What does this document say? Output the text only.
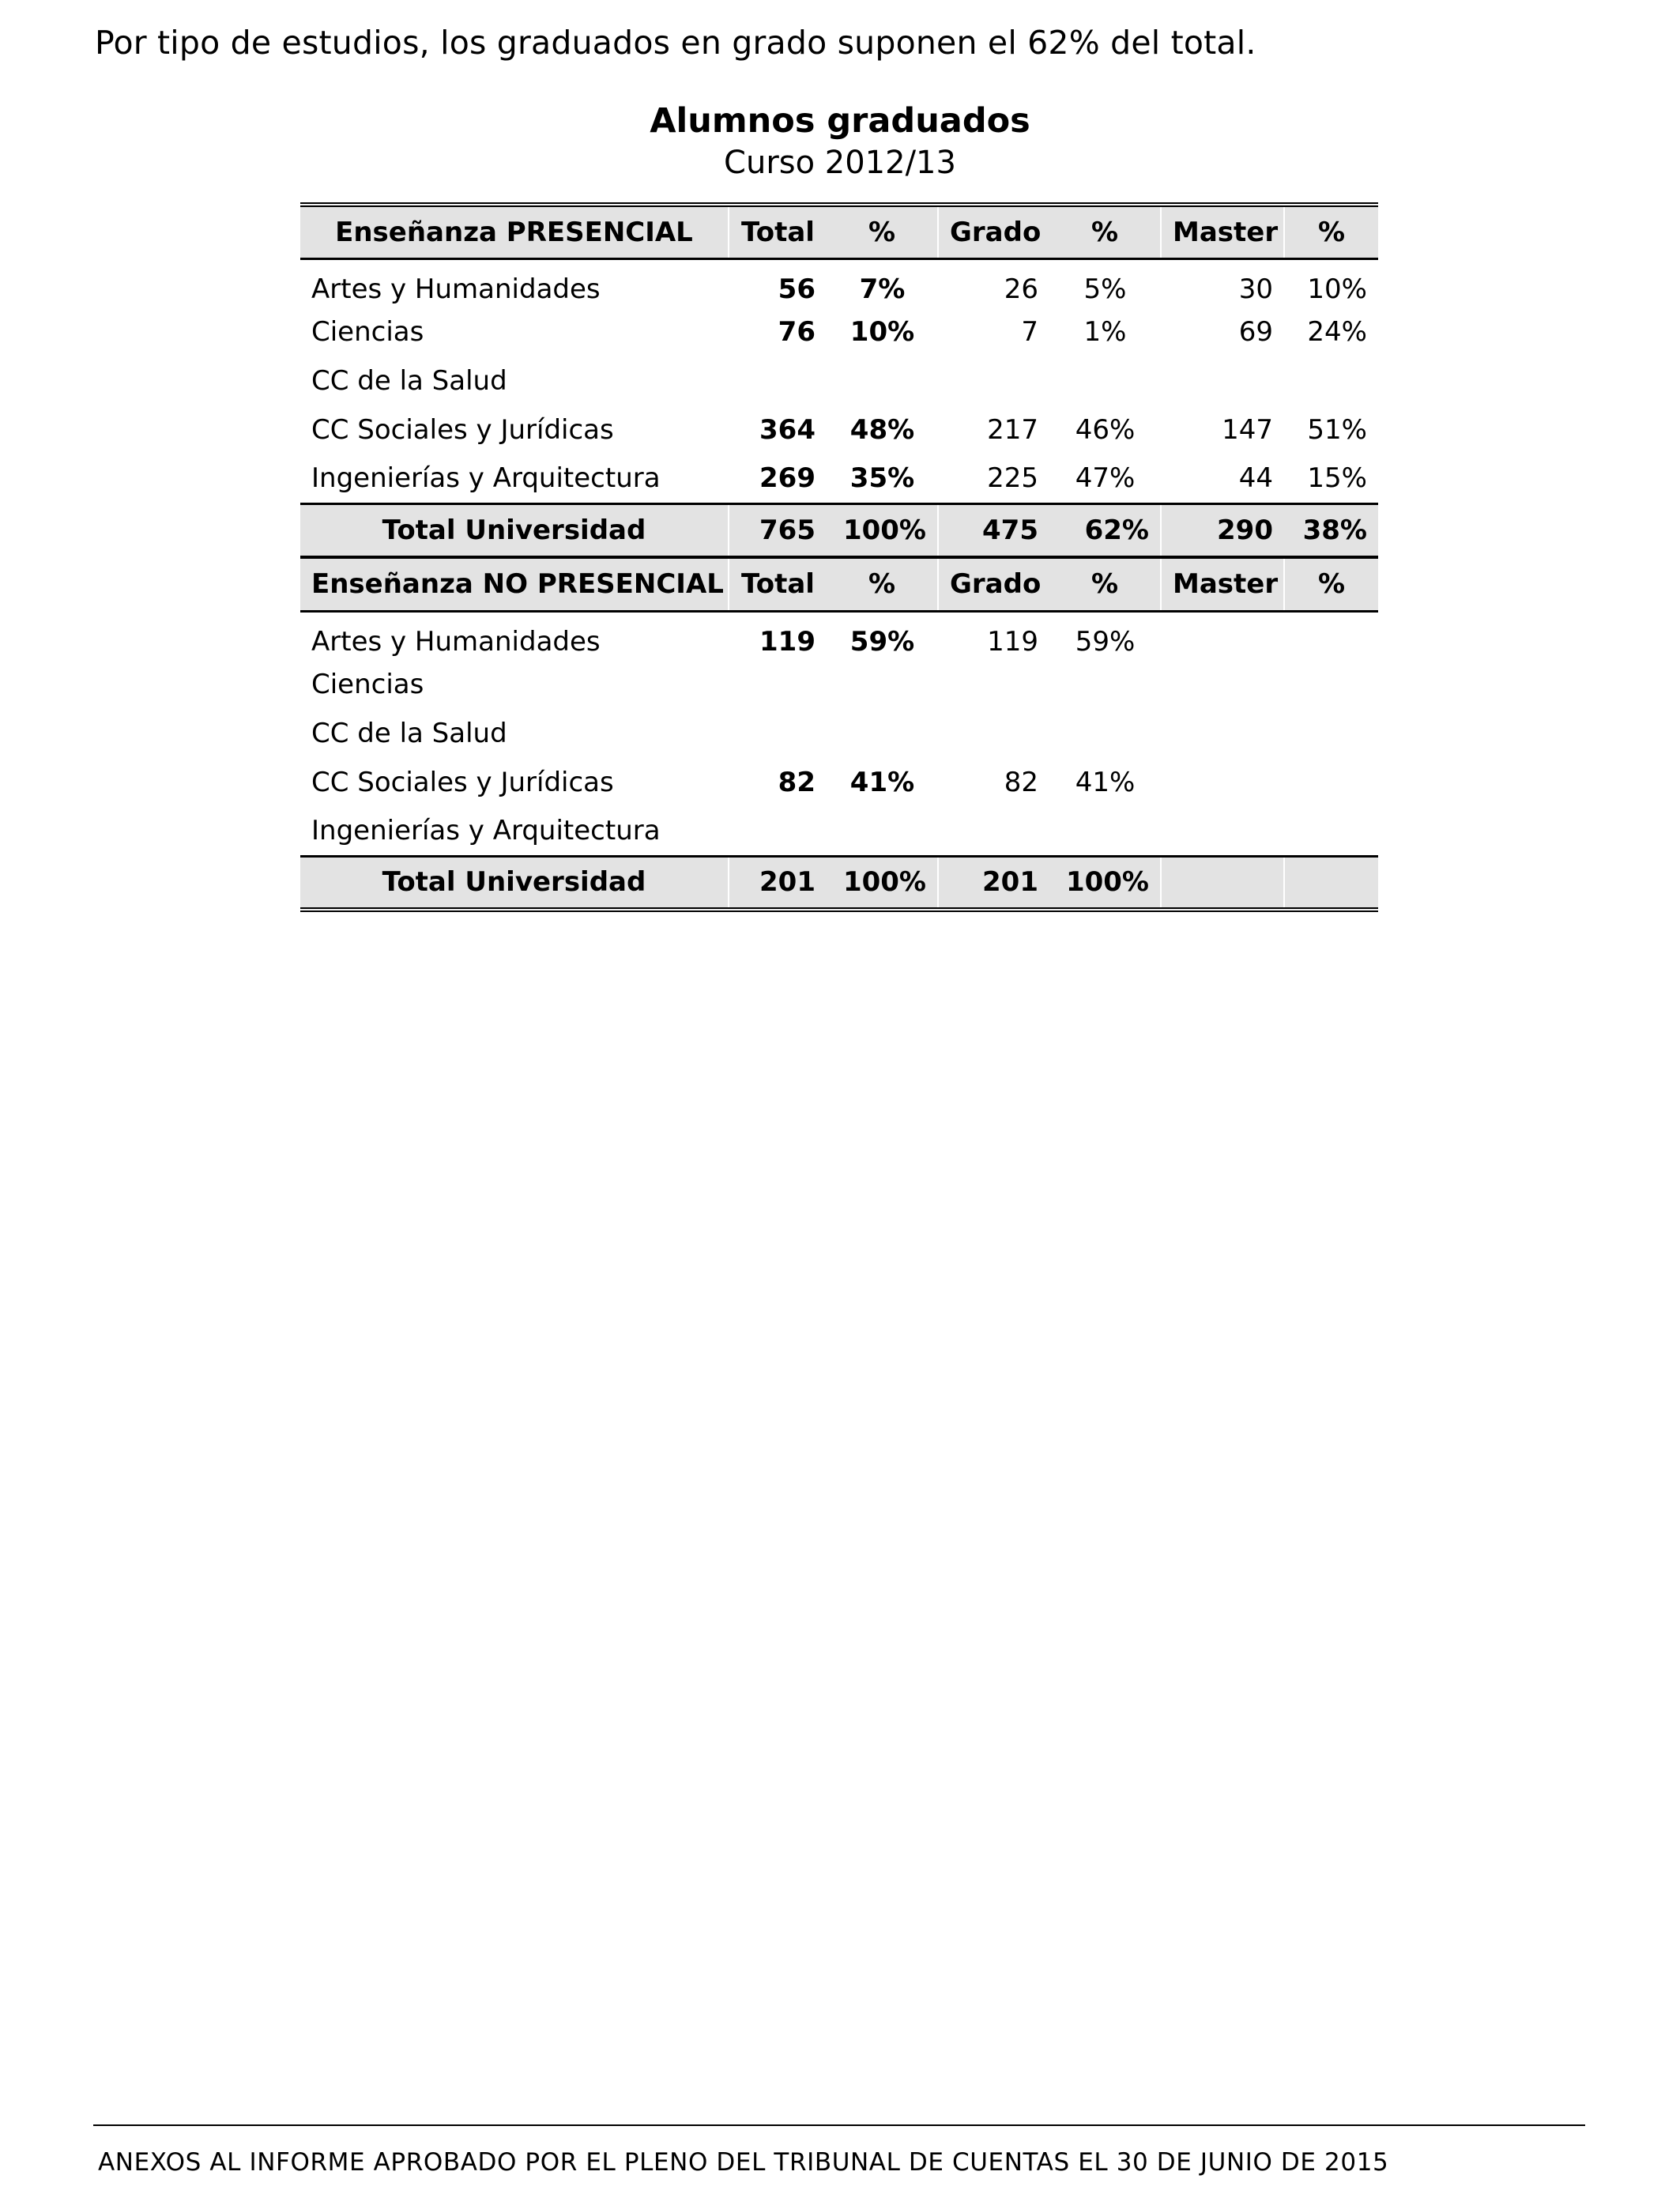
Por tipo de estudios, los graduados en grado suponen el 62% del total.

Alumnos graduados
Curso 2012/13
Enseñanza PRESENCIAL	Total	%	Grado	%	Master	%
Artes y Humanidades	56	7%	26	5%	30	10%
Ciencias	76	10%	7	1%	69	24%
CC de la Salud						
CC Sociales y Jurídicas	364	48%	217	46%	147	51%
Ingenierías y Arquitectura	269	35%	225	47%	44	15%
Total Universidad	765	100%	475	62%	290	38%
Enseñanza NO PRESENCIAL	Total	%	Grado	%	Master	%
Artes y Humanidades	119	59%	119	59%		
Ciencias						
CC de la Salud						
CC Sociales y Jurídicas	82	41%	82	41%		
Ingenierías y Arquitectura						
Total Universidad	201	100%	201	100%		

ANEXOS AL INFORME APROBADO POR EL PLENO DEL TRIBUNAL DE CUENTAS EL 30 DE JUNIO DE 2015
